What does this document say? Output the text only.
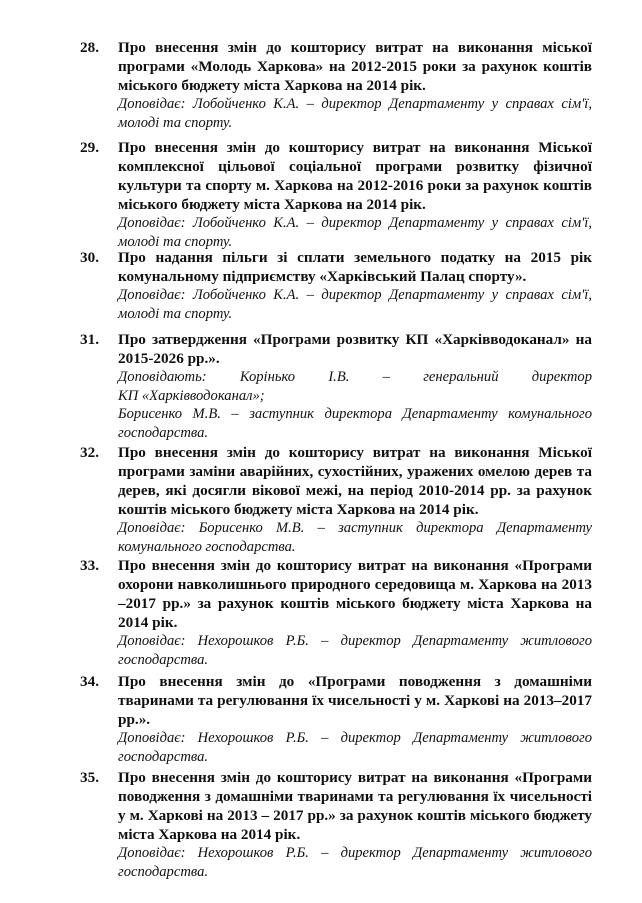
28.	Про внесення змін до кошторису витрат на виконання міської програми «Молодь Харкова» на 2012-2015 роки за рахунок коштів міського бюджету міста Харкова на 2014 рік.
Доповідає: Лобойченко К.А. – директор Департаменту у справах сім'ї, молоді та спорту.
29.	Про внесення змін до кошторису витрат на виконання Міської комплексної цільової соціальної програми розвитку фізичної культури та спорту м. Харкова на 2012-2016 роки за рахунок коштів міського бюджету міста Харкова на 2014 рік.
Доповідає: Лобойченко К.А. – директор Департаменту у справах сім'ї, молоді та спорту.
30.	Про надання пільги зі сплати земельного податку на 2015 рік комунальному підприємству «Харківський Палац спорту».
Доповідає: Лобойченко К.А. – директор Департаменту у справах сім'ї, молоді та спорту.
31.	Про затвердження «Програми розвитку КП «Харківводоканал» на 2015-2026 рр.».
Доповідають: Корінько І.В. – генеральний директор
КП «Харківводоканал»;
Борисенко М.В. – заступник директора Департаменту комунального господарства.
32.	Про внесення змін до кошторису витрат на виконання Міської програми заміни аварійних, сухостійних, уражених омелою дерев та дерев, які досягли вікової межі, на період 2010-2014 рр. за рахунок коштів міського бюджету міста Харкова на 2014 рік.
Доповідає: Борисенко М.В. – заступник директора Департаменту комунального господарства.
33.	Про внесення змін до кошторису витрат на виконання «Програми охорони навколишнього природного середовища м. Харкова на 2013 –2017 рр.» за рахунок коштів міського бюджету міста Харкова на 2014 рік.
Доповідає: Нехорошков Р.Б. – директор Департаменту житлового господарства.
34.	Про внесення змін до «Програми поводження з домашніми тваринами та регулювання їх чисельності у м. Харкові на 2013–2017 рр.».
Доповідає: Нехорошков Р.Б. – директор Департаменту житлового господарства.
35.	Про внесення змін до кошторису витрат на виконання «Програми поводження з домашніми тваринами та регулювання їх чисельності у м. Харкові на 2013 – 2017 рр.» за рахунок коштів міського бюджету міста Харкова на 2014 рік.
Доповідає: Нехорошков Р.Б. – директор Департаменту житлового господарства.
